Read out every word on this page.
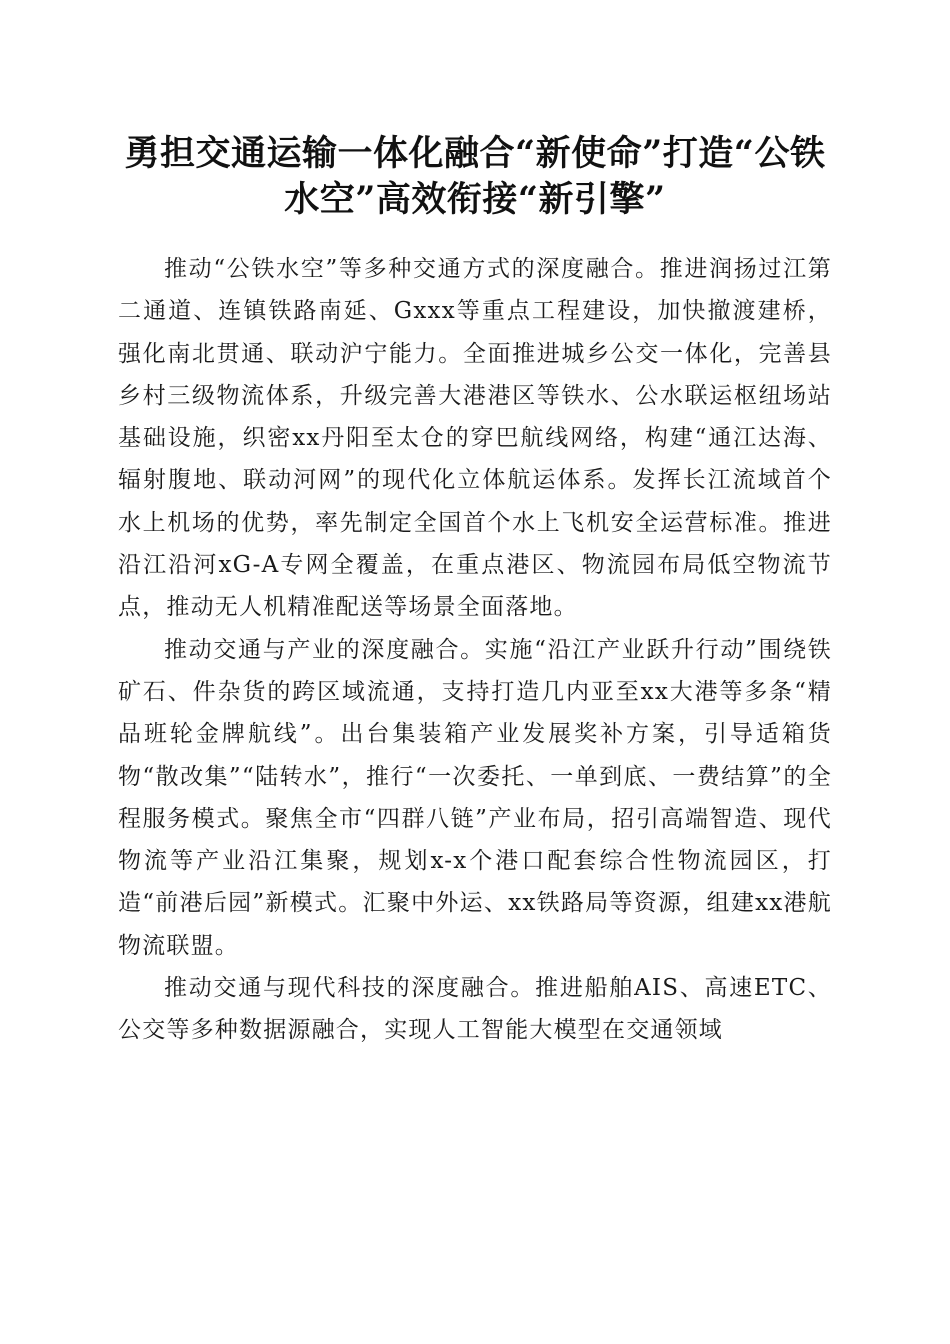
勇担交通运输一体化融合“新使命”打造“公铁水空”高效衔接“新引擎”

推动“公铁水空”等多种交通方式的深度融合。推进润扬过江第二通道、连镇铁路南延、Gxxx等重点工程建设，加快撤渡建桥，强化南北贯通、联动沪宁能力。全面推进城乡公交一体化，完善县乡村三级物流体系，升级完善大港港区等铁水、公水联运枢纽场站基础设施，织密xx丹阳至太仓的穿巴航线网络，构建“通江达海、辐射腹地、联动河网”的现代化立体航运体系。发挥长江流域首个水上机场的优势，率先制定全国首个水上飞机安全运营标准。推进沿江沿河xG-A专网全覆盖，在重点港区、物流园布局低空物流节点，推动无人机精准配送等场景全面落地。

推动交通与产业的深度融合。实施“沿江产业跃升行动”围绕铁矿石、件杂货的跨区域流通，支持打造几内亚至xx大港等多条“精品班轮金牌航线”。出台集装箱产业发展奖补方案，引导适箱货物“散改集”“陆转水”，推行“一次委托、一单到底、一费结算”的全程服务模式。聚焦全市“四群八链”产业布局，招引高端智造、现代物流等产业沿江集聚，规划x-x个港口配套综合性物流园区，打造“前港后园”新模式。汇聚中外运、xx铁路局等资源，组建xx港航物流联盟。

推动交通与现代科技的深度融合。推进船舶AIS、高速ETC、公交等多种数据源融合，实现人工智能大模型在交通领域
